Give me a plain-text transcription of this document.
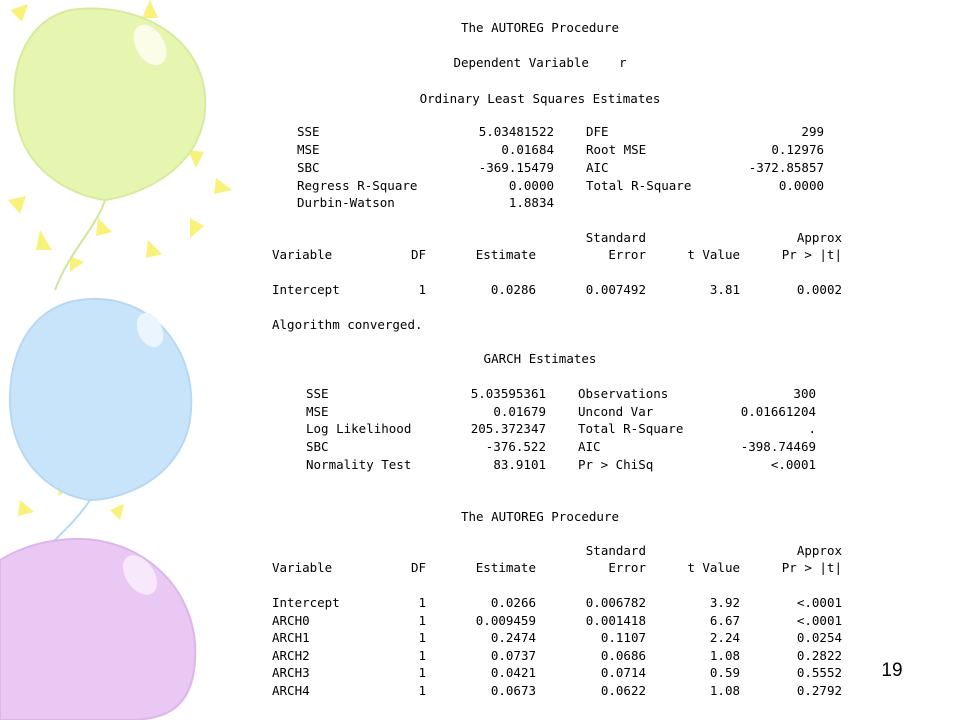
The AUTOREG Procedure
Dependent Variable    r
Ordinary Least Squares Estimates
SSE	5.03481522	DFE	299
MSE	0.01684	Root MSE	0.12976
SBC	-369.15479	AIC	-372.85857
Regress R-Square	0.0000	Total R-Square	0.0000
Durbin-Watson	1.8834
Standard	Approx
Variable	DF	Estimate	Error	t Value	Pr > |t|
Intercept	1	0.0286	0.007492	3.81	0.0002
Algorithm converged.
GARCH Estimates
SSE	5.03595361	Observations	300
MSE	0.01679	Uncond Var	0.01661204
Log Likelihood	205.372347	Total R-Square	.
SBC	-376.522	AIC	-398.74469
Normality Test	83.9101	Pr > ChiSq	<.0001
The AUTOREG Procedure
Standard	Approx
Variable	DF	Estimate	Error	t Value	Pr > |t|
Intercept	1	0.0266	0.006782	3.92	<.0001
ARCH0	1	0.009459	0.001418	6.67	<.0001
ARCH1	1	0.2474	0.1107	2.24	0.0254
ARCH2	1	0.0737	0.0686	1.08	0.2822
ARCH3	1	0.0421	0.0714	0.59	0.5552
ARCH4	1	0.0673	0.0622	1.08	0.2792
19
